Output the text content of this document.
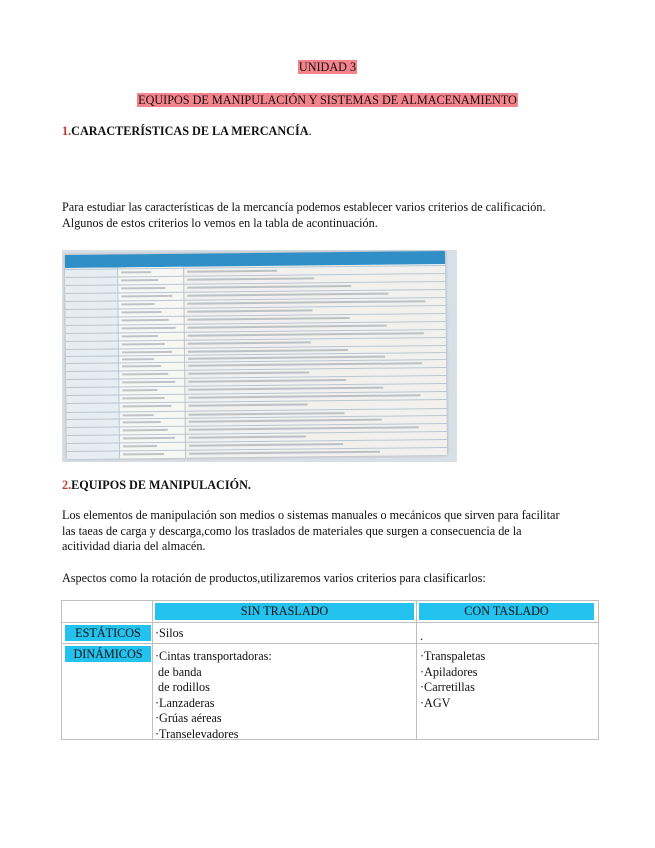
UNIDAD 3
EQUIPOS DE MANIPULACIÓN Y SISTEMAS DE ALMACENAMIENTO
1.CARACTERÍSTICAS DE LA MERCANCÍA.
Para estudiar las características de la mercancía podemos establecer varios criterios de calificación.
Algunos de estos criterios lo vemos en la tabla de acontinuación.
2.EQUIPOS DE MANIPULACIÓN.
Los elementos de manipulación son medios o sistemas manuales o mecánicos que sirven para facilitar
las taeas de carga y descarga,como los traslados de materiales que surgen a consecuencia de la
acitividad diaria del almacén.
Aspectos como la rotación de productos,utilizaremos varios criterios para clasificarlos:
SIN TRASLADO	CON TASLADO
ESTÁTICOS
DINÁMICOS
·Silos	.
·Cintas transportadoras:
de banda
de rodillos
·Lanzaderas
·Grúas aéreas
·Transelevadores
·Transpaletas
·Apiladores
·Carretillas
·AGV
